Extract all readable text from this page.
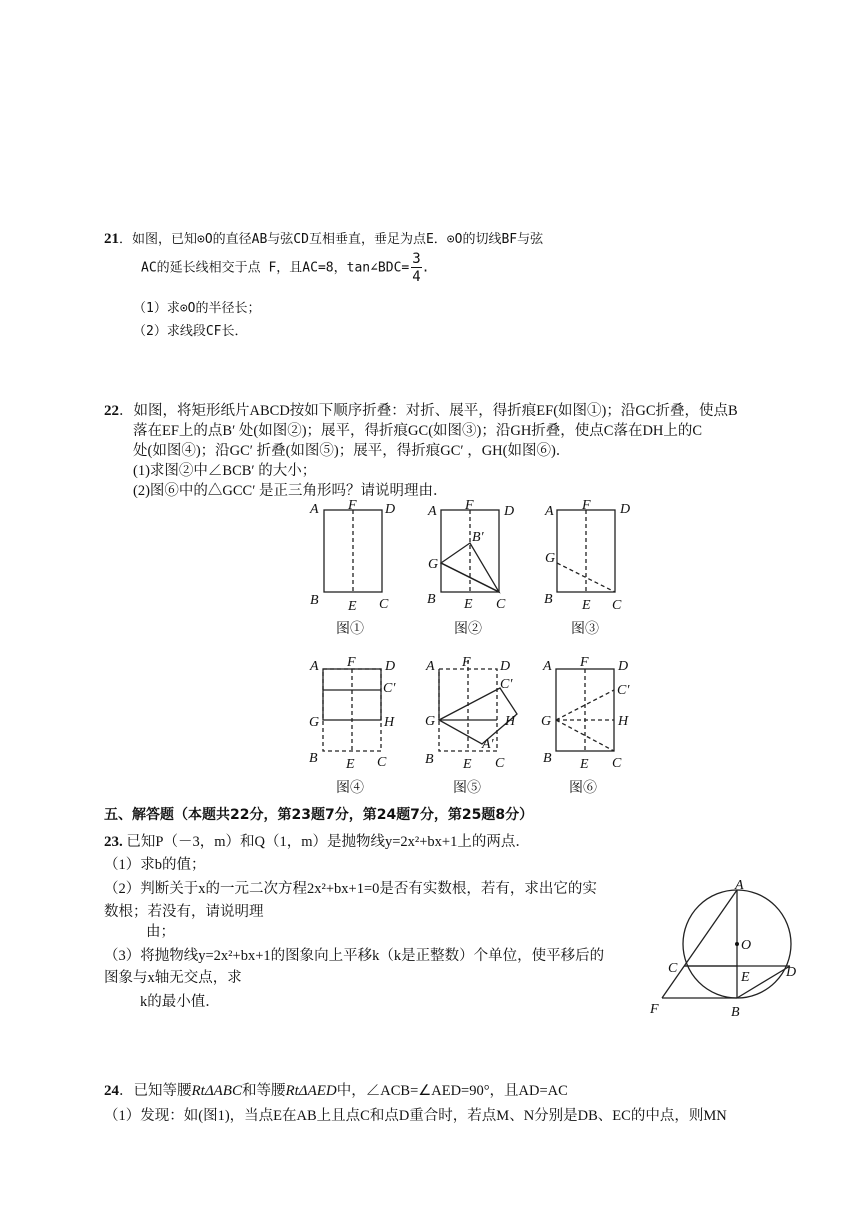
21．如图，已知⊙O的直径AB与弦CD互相垂直，垂足为点E．⊙O的切线BF与弦
AC的延长线相交于点 F，且AC=8，tan∠BDC= $\frac{3}{4}$ .
（1）求⊙O的半径长；
（2）求线段CF长．
22．如图，将矩形纸片ABCD按如下顺序折叠：对折、展平，得折痕EF(如图①)；沿GC折叠，使点B
落在EF上的点B′ 处(如图②)；展平，得折痕GC(如图③)；沿GH折叠，使点C落在DH上的C
处(如图④)；沿GC′ 折叠(如图⑤)；展平，得折痕GC′ ，GH(如图⑥)．
(1)求图②中∠BCB′ 的大小；
(2)图⑥中的△GCC′ 是正三角形吗？请说明理由．
A F D
B E C
A F D
B′
G
B E C
A F D
G
B E C
A F D
C′
G	H
B E C
A F D
C′
G	H
A′
B E C
A F D
C′
G	H
B E C
图①	图②	图③
图④	图⑤	图⑥
五、解答题（本题共22分，第23题7分，第24题7分，第25题8分）
23. 已知P（－3，m）和Q（1，m）是抛物线y=2x²+bx+1上的两点．
（1）求b的值；
（2）判断关于x的一元二次方程2x²+bx+1=0是否有实数根，若有，求出它的实
数根；若没有，请说明理
由；
（3）将抛物线y=2x²+bx+1的图象向上平移k（k是正整数）个单位，使平移后的
图象与x轴无交点，求
k的最小值．
A
O
C
E	D
F	B
24．已知等腰RtΔABC和等腰RtΔAED中，∠ACB=∠AED=90°，且AD=AC
（1）发现：如(图1)，当点E在AB上且点C和点D重合时，若点M、N分别是DB、EC的中点，则MN
